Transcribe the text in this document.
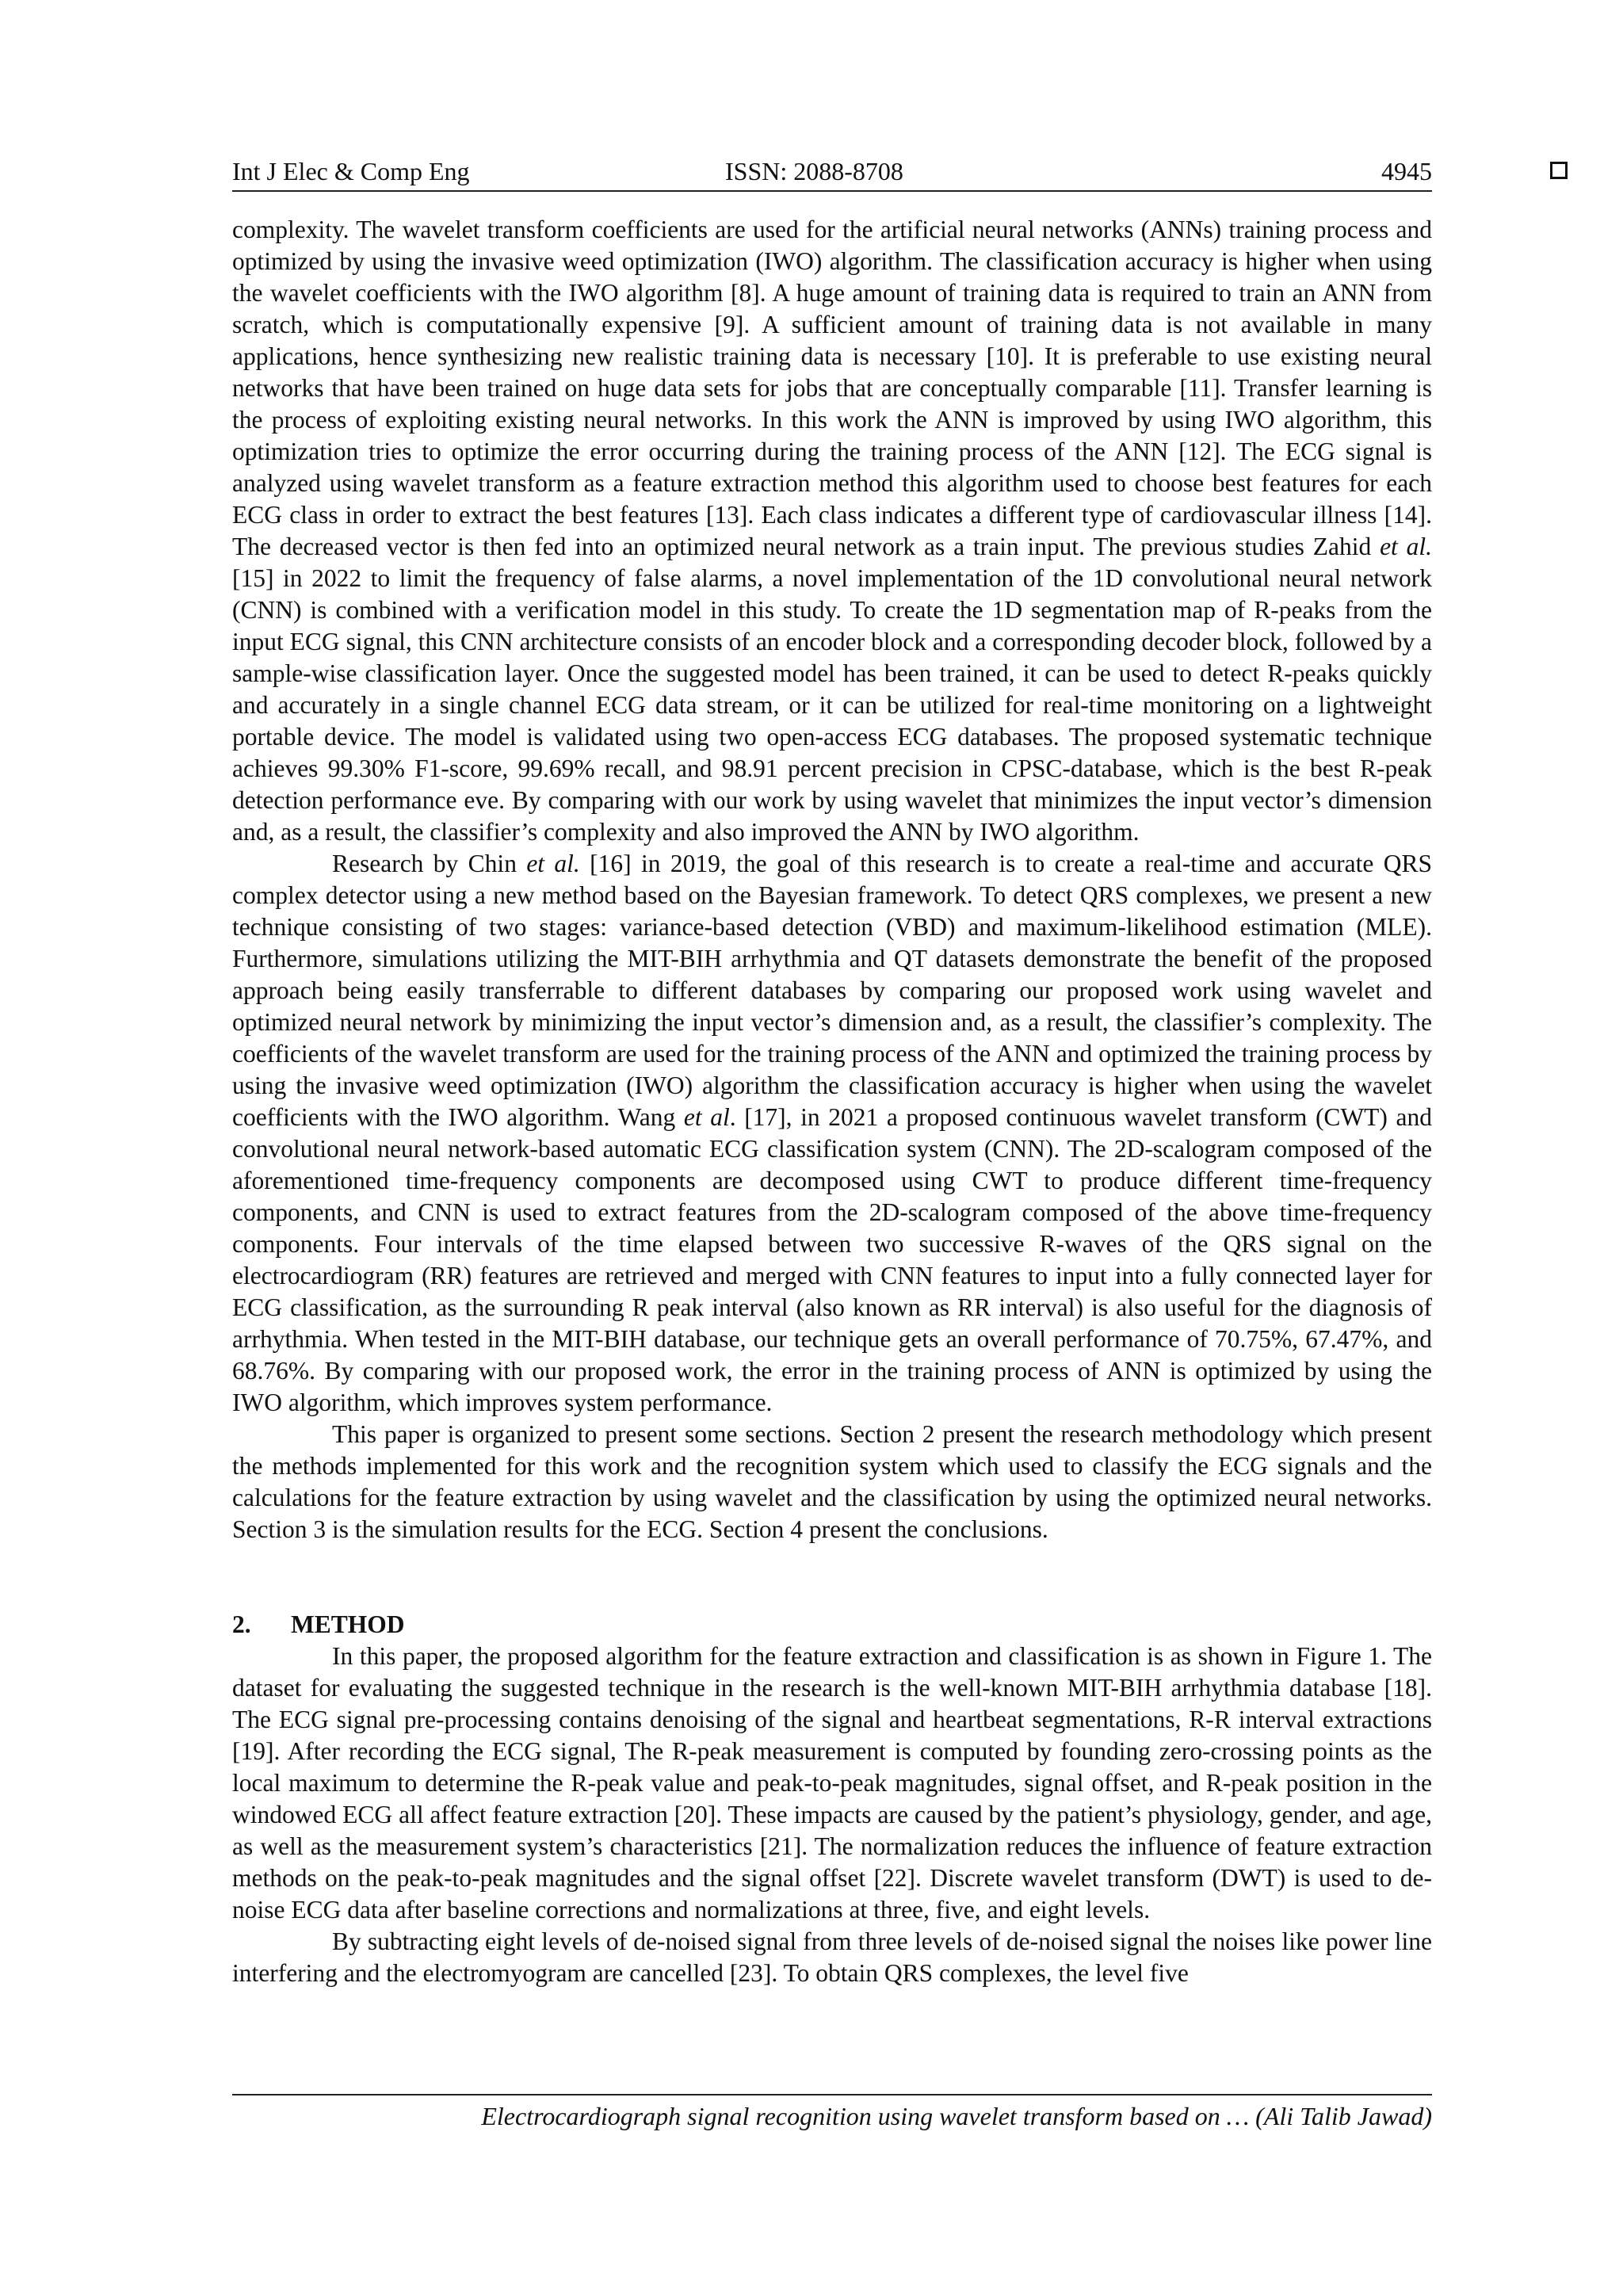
Int J Elec & Comp Eng	ISSN: 2088-8708	4945

complexity. The wavelet transform coefficients are used for the artificial neural networks (ANNs) training process and optimized by using the invasive weed optimization (IWO) algorithm. The classification accuracy is higher when using the wavelet coefficients with the IWO algorithm [8]. A huge amount of training data is required to train an ANN from scratch, which is computationally expensive [9]. A sufficient amount of training data is not available in many applications, hence synthesizing new realistic training data is necessary [10]. It is preferable to use existing neural networks that have been trained on huge data sets for jobs that are conceptually comparable [11]. Transfer learning is the process of exploiting existing neural networks. In this work the ANN is improved by using IWO algorithm, this optimization tries to optimize the error occurring during the training process of the ANN [12]. The ECG signal is analyzed using wavelet transform as a feature extraction method this algorithm used to choose best features for each ECG class in order to extract the best features [13]. Each class indicates a different type of cardiovascular illness [14]. The decreased vector is then fed into an optimized neural network as a train input. The previous studies Zahid et al. [15] in 2022 to limit the frequency of false alarms, a novel implementation of the 1D convolutional neural network (CNN) is combined with a verification model in this study. To create the 1D segmentation map of R-peaks from the input ECG signal, this CNN architecture consists of an encoder block and a corresponding decoder block, followed by a sample-wise classification layer. Once the suggested model has been trained, it can be used to detect R-peaks quickly and accurately in a single channel ECG data stream, or it can be utilized for real-time monitoring on a lightweight portable device. The model is validated using two open-access ECG databases. The proposed systematic technique achieves 99.30% F1-score, 99.69% recall, and 98.91 percent precision in CPSC-database, which is the best R-peak detection performance eve. By comparing with our work by using wavelet that minimizes the input vector’s dimension and, as a result, the classifier’s complexity and also improved the ANN by IWO algorithm.

Research by Chin et al. [16] in 2019, the goal of this research is to create a real-time and accurate QRS complex detector using a new method based on the Bayesian framework. To detect QRS complexes, we present a new technique consisting of two stages: variance-based detection (VBD) and maximum-likelihood estimation (MLE). Furthermore, simulations utilizing the MIT-BIH arrhythmia and QT datasets demonstrate the benefit of the proposed approach being easily transferrable to different databases by comparing our proposed work using wavelet and optimized neural network by minimizing the input vector’s dimension and, as a result, the classifier’s complexity. The coefficients of the wavelet transform are used for the training process of the ANN and optimized the training process by using the invasive weed optimization (IWO) algorithm the classification accuracy is higher when using the wavelet coefficients with the IWO algorithm. Wang et al. [17], in 2021 a proposed continuous wavelet transform (CWT) and convolutional neural network-based automatic ECG classification system (CNN). The 2D-scalogram composed of the aforementioned time-frequency components are decomposed using CWT to produce different time-frequency components, and CNN is used to extract features from the 2D-scalogram composed of the above time-frequency components. Four intervals of the time elapsed between two successive R-waves of the QRS signal on the electrocardiogram (RR) features are retrieved and merged with CNN features to input into a fully connected layer for ECG classification, as the surrounding R peak interval (also known as RR interval) is also useful for the diagnosis of arrhythmia. When tested in the MIT-BIH database, our technique gets an overall performance of 70.75%, 67.47%, and 68.76%. By comparing with our proposed work, the error in the training process of ANN is optimized by using the IWO algorithm, which improves system performance.

This paper is organized to present some sections. Section 2 present the research methodology which present the methods implemented for this work and the recognition system which used to classify the ECG signals and the calculations for the feature extraction by using wavelet and the classification by using the optimized neural networks. Section 3 is the simulation results for the ECG. Section 4 present the conclusions.

2. METHOD

In this paper, the proposed algorithm for the feature extraction and classification is as shown in Figure 1. The dataset for evaluating the suggested technique in the research is the well-known MIT-BIH arrhythmia database [18]. The ECG signal pre-processing contains denoising of the signal and heartbeat segmentations, R-R interval extractions [19]. After recording the ECG signal, The R-peak measurement is computed by founding zero-crossing points as the local maximum to determine the R-peak value and peak-to-peak magnitudes, signal offset, and R-peak position in the windowed ECG all affect feature extraction [20]. These impacts are caused by the patient’s physiology, gender, and age, as well as the measurement system’s characteristics [21]. The normalization reduces the influence of feature extraction methods on the peak-to-peak magnitudes and the signal offset [22]. Discrete wavelet transform (DWT) is used to de-noise ECG data after baseline corrections and normalizations at three, five, and eight levels.

By subtracting eight levels of de-noised signal from three levels of de-noised signal the noises like power line interfering and the electromyogram are cancelled [23]. To obtain QRS complexes, the level five

Electrocardiograph signal recognition using wavelet transform based on … (Ali Talib Jawad)
